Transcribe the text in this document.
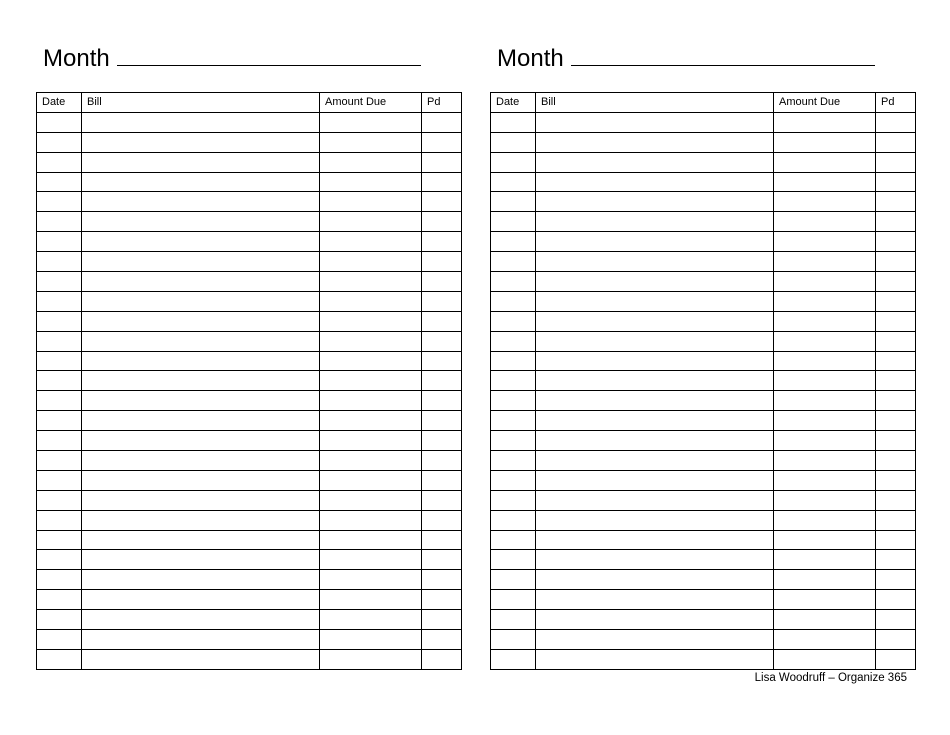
Month
Date	Bill	Amount Due	Pd

Month
Date	Bill	Amount Due	Pd

Lisa Woodruff – Organize 365
